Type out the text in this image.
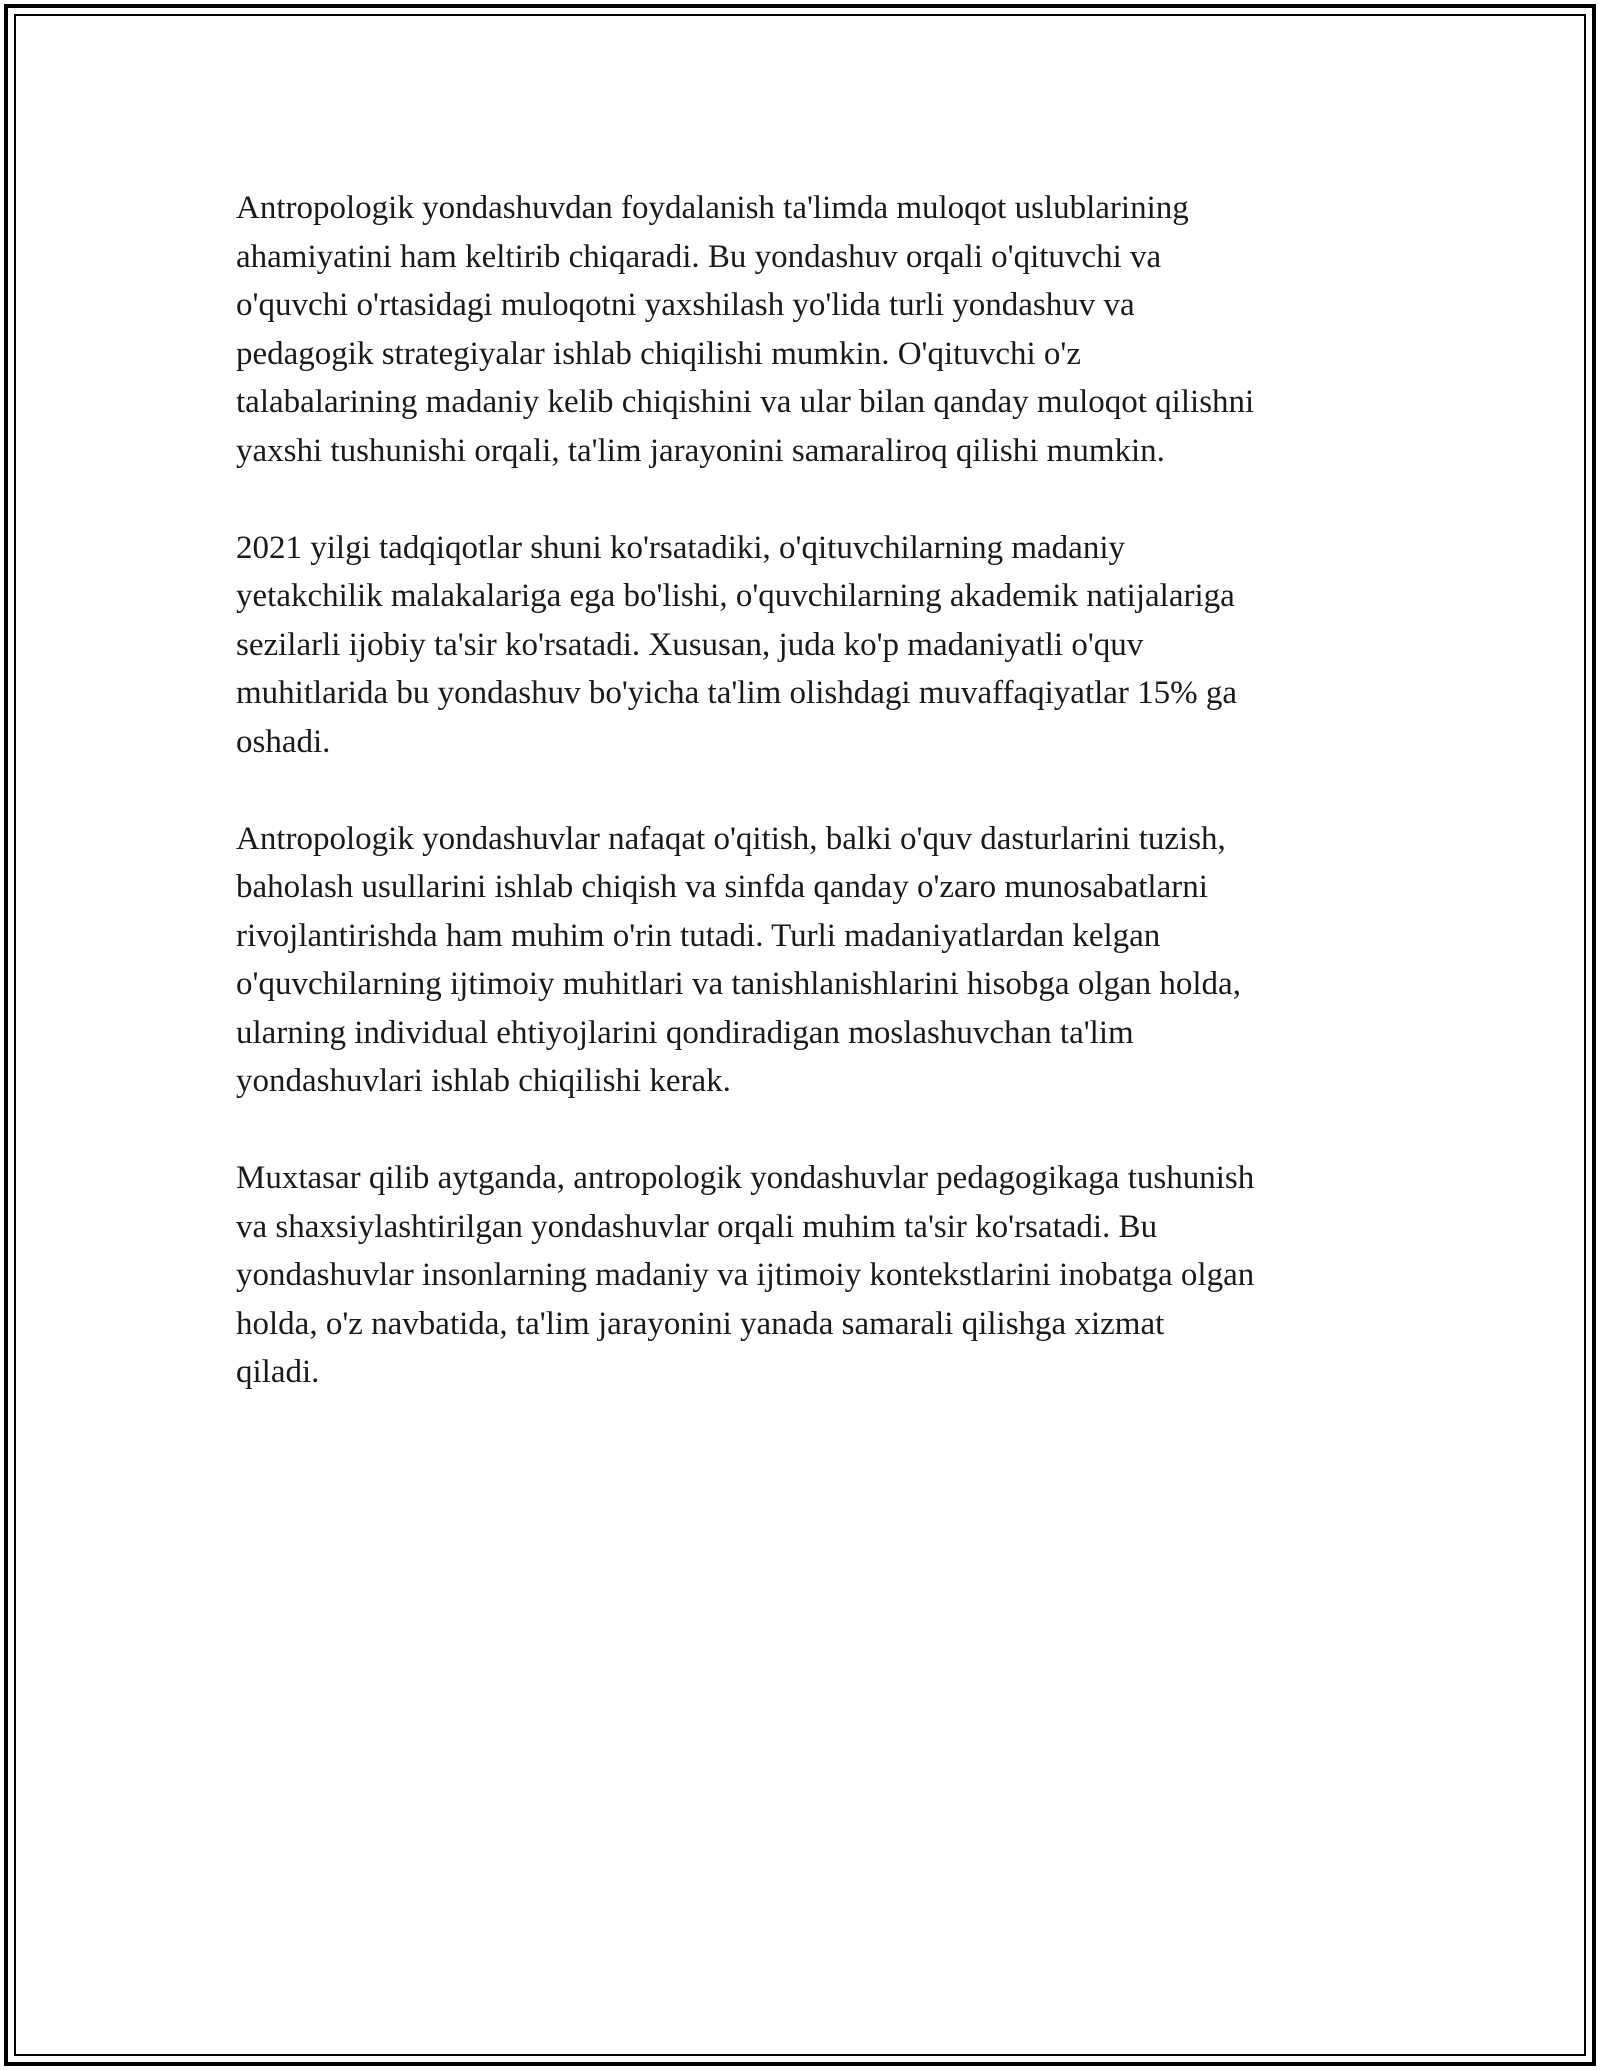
Antropologik yondashuvdan foydalanish ta'limda muloqot uslublarining
ahamiyatini ham keltirib chiqaradi. Bu yondashuv orqali o'qituvchi va
o'quvchi o'rtasidagi muloqotni yaxshilash yo'lida turli yondashuv va
pedagogik strategiyalar ishlab chiqilishi mumkin. O'qituvchi o'z
talabalarining madaniy kelib chiqishini va ular bilan qanday muloqot qilishni
yaxshi tushunishi orqali, ta'lim jarayonini samaraliroq qilishi mumkin.

2021 yilgi tadqiqotlar shuni ko'rsatadiki, o'qituvchilarning madaniy
yetakchilik malakalariga ega bo'lishi, o'quvchilarning akademik natijalariga
sezilarli ijobiy ta'sir ko'rsatadi. Xususan, juda ko'p madaniyatli o'quv
muhitlarida bu yondashuv bo'yicha ta'lim olishdagi muvaffaqiyatlar 15% ga
oshadi.

Antropologik yondashuvlar nafaqat o'qitish, balki o'quv dasturlarini tuzish,
baholash usullarini ishlab chiqish va sinfda qanday o'zaro munosabatlarni
rivojlantirishda ham muhim o'rin tutadi. Turli madaniyatlardan kelgan
o'quvchilarning ijtimoiy muhitlari va tanishlanishlarini hisobga olgan holda,
ularning individual ehtiyojlarini qondiradigan moslashuvchan ta'lim
yondashuvlari ishlab chiqilishi kerak.

Muxtasar qilib aytganda, antropologik yondashuvlar pedagogikaga tushunish
va shaxsiylashtirilgan yondashuvlar orqali muhim ta'sir ko'rsatadi. Bu
yondashuvlar insonlarning madaniy va ijtimoiy kontekstlarini inobatga olgan
holda, o'z navbatida, ta'lim jarayonini yanada samarali qilishga xizmat
qiladi.
